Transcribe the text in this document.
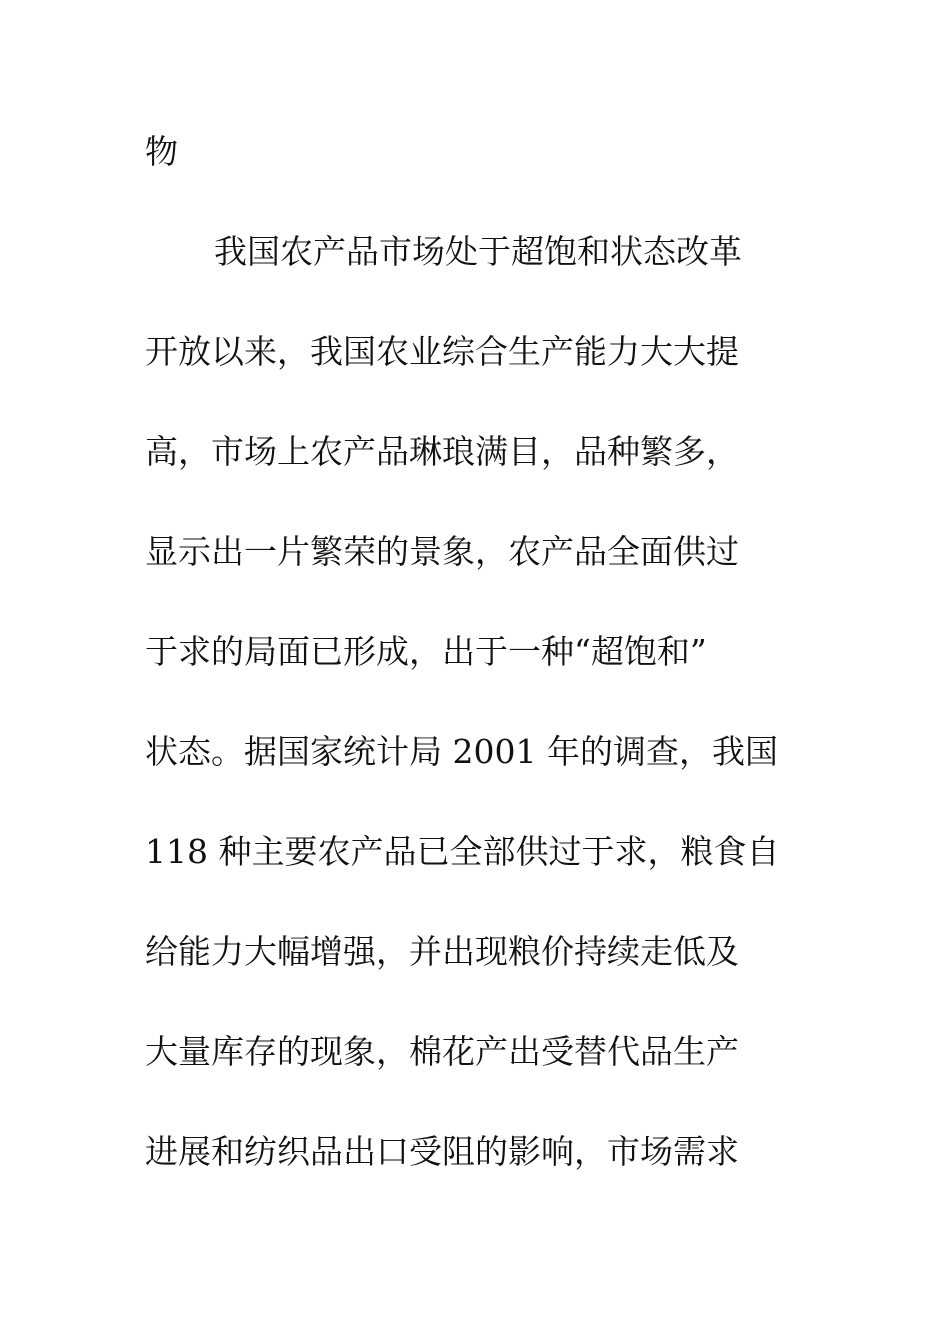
物
我国农产品市场处于超饱和状态改革
开放以来，我国农业综合生产能力大大提
高，市场上农产品琳琅满目，品种繁多，
显示出一片繁荣的景象，农产品全面供过
于求的局面已形成，出于一种“超饱和”
状态。据国家统计局 2001 年的调查，我国
118 种主要农产品已全部供过于求，粮食自
给能力大幅增强，并出现粮价持续走低及
大量库存的现象，棉花产出受替代品生产
进展和纺织品出口受阻的影响，市场需求
